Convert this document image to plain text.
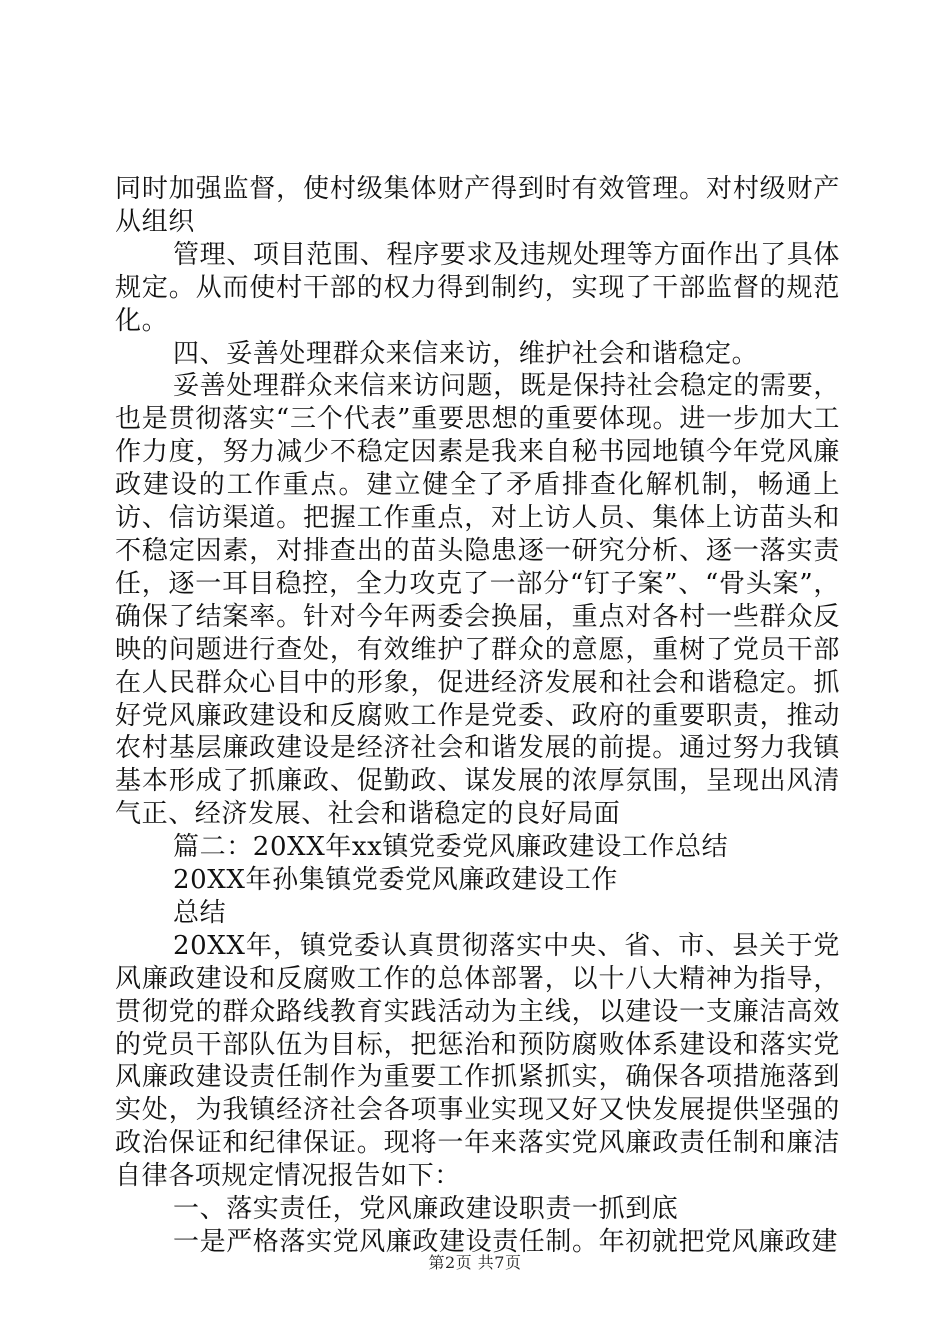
同时加强监督，使村级集体财产得到时有效管理。对村级财产从组织

管理、项目范围、程序要求及违规处理等方面作出了具体规定。从而使村干部的权力得到制约，实现了干部监督的规范化。

四、妥善处理群众来信来访，维护社会和谐稳定。

妥善处理群众来信来访问题，既是保持社会稳定的需要，也是贯彻落实“三个代表”重要思想的重要体现。进一步加大工作力度，努力减少不稳定因素是我来自秘书园地镇今年党风廉政建设的工作重点。建立健全了矛盾排查化解机制，畅通上访、信访渠道。把握工作重点，对上访人员、集体上访苗头和不稳定因素，对排查出的苗头隐患逐一研究分析、逐一落实责任，逐一耳目稳控，全力攻克了一部分“钉子案”、“骨头案”，确保了结案率。针对今年两委会换届，重点对各村一些群众反映的问题进行查处，有效维护了群众的意愿，重树了党员干部在人民群众心目中的形象，促进经济发展和社会和谐稳定。抓好党风廉政建设和反腐败工作是党委、政府的重要职责，推动农村基层廉政建设是经济社会和谐发展的前提。通过努力我镇基本形成了抓廉政、促勤政、谋发展的浓厚氛围，呈现出风清气正、经济发展、社会和谐稳定的良好局面

篇二：20XX年xx镇党委党风廉政建设工作总结

20XX年孙集镇党委党风廉政建设工作

总结

20XX年，镇党委认真贯彻落实中央、省、市、县关于党风廉政建设和反腐败工作的总体部署，以十八大精神为指导，贯彻党的群众路线教育实践活动为主线，以建设一支廉洁高效的党员干部队伍为目标，把惩治和预防腐败体系建设和落实党风廉政建设责任制作为重要工作抓紧抓实，确保各项措施落到实处，为我镇经济社会各项事业实现又好又快发展提供坚强的政治保证和纪律保证。现将一年来落实党风廉政责任制和廉洁自律各项规定情况报告如下：

一、落实责任，党风廉政建设职责一抓到底

一是严格落实党风廉政建设责任制。年初就把党风廉政建

第2页 共7页
